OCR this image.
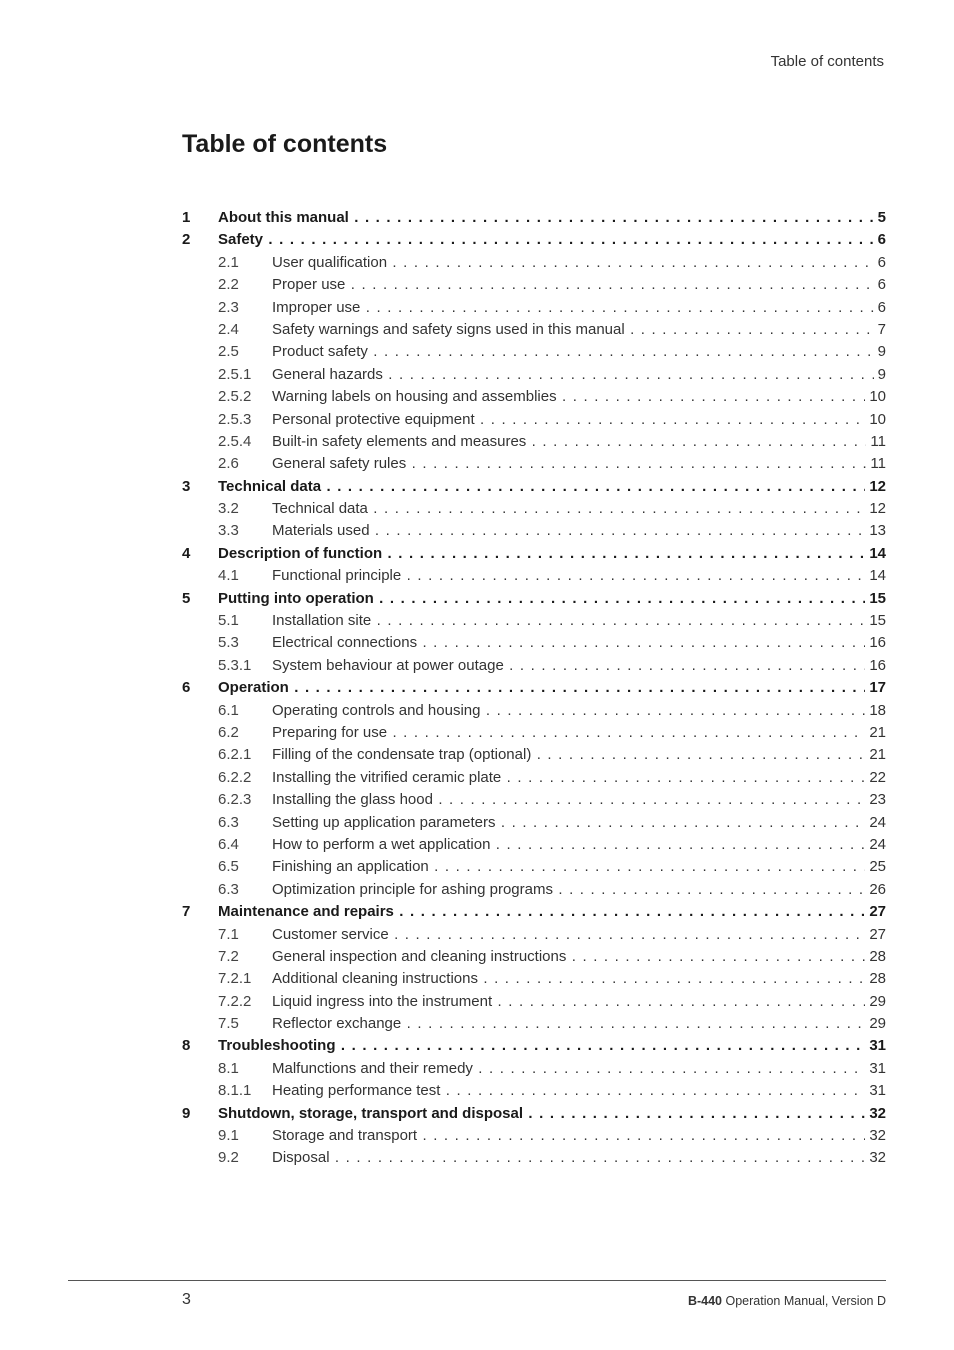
Table of contents
Table of contents
1 About this manual . . .	5
2 Safety . . .	6
2.1 User qualification . . .	6
2.2 Proper use . . .	6
2.3 Improper use . . .	6
2.4 Safety warnings and safety signs used in this manual . . .	7
2.5 Product safety . . .	9
2.5.1 General hazards . . .	9
2.5.2 Warning labels on housing and assemblies . . .	10
2.5.3 Personal protective equipment . . .	10
2.5.4 Built-in safety elements and measures . . .	11
2.6 General safety rules . . .	11
3 Technical data . . .	12
3.2 Technical data . . .	12
3.3 Materials used . . .	13
4 Description of function . . .	14
4.1 Functional principle . . .	14
5 Putting into operation . . .	15
5.1 Installation site . . .	15
5.3 Electrical connections . . .	16
5.3.1 System behaviour at power outage . . .	16
6 Operation . . .	17
6.1 Operating controls and housing . . .	18
6.2 Preparing for use . . .	21
6.2.1 Filling of the condensate trap (optional) . . .	21
6.2.2 Installing the vitrified ceramic plate . . .	22
6.2.3 Installing the glass hood . . .	23
6.3 Setting up application parameters . . .	24
6.4 How to perform a wet application . . .	24
6.5 Finishing an application . . .	25
6.3 Optimization principle for ashing programs . . .	26
7 Maintenance and repairs . . .	27
7.1 Customer service . . .	27
7.2 General inspection and cleaning instructions . . .	28
7.2.1 Additional cleaning instructions . . .	28
7.2.2 Liquid ingress into the instrument . . .	29
7.5 Reflector exchange . . .	29
8 Troubleshooting . . .	31
8.1 Malfunctions and their remedy . . .	31
8.1.1 Heating performance test . . .	31
9 Shutdown, storage, transport and disposal . . .	32
9.1 Storage and transport . . .	32
9.2 Disposal . . .	32
3	B-440 Operation Manual, Version D
